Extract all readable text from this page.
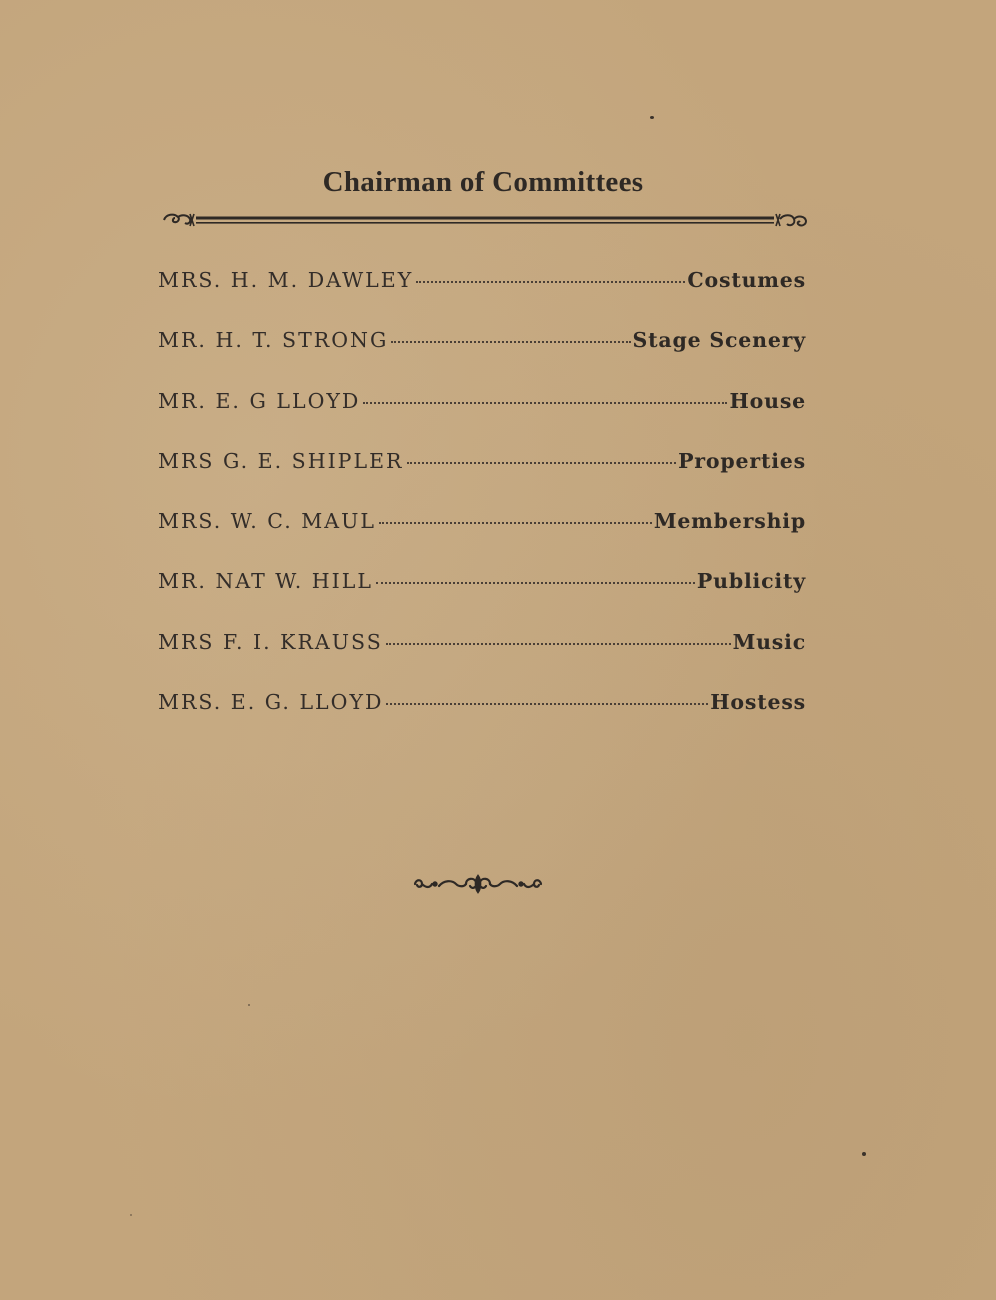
Chairman of Committees
MRS. H. M. DAWLEY	Costumes
MR. H. T. STRONG	Stage Scenery
MR. E. G LLOYD	House
MRS G. E. SHIPLER	Properties
MRS. W. C. MAUL	Membership
MR. NAT W. HILL	Publicity
MRS F. I. KRAUSS	Music
MRS. E. G. LLOYD	Hostess
